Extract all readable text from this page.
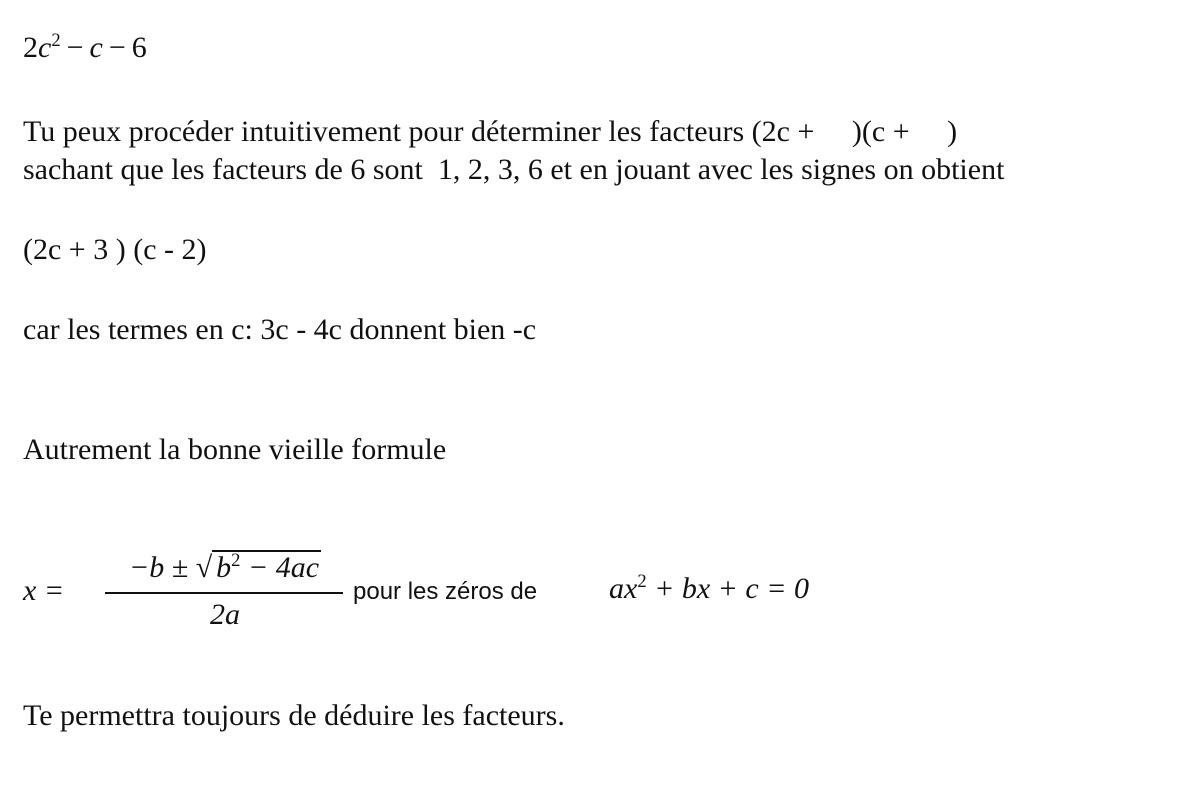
$2c^2 - c - 6$
Tu peux procéder intuitivement pour déterminer les facteurs (2c +     )(c +     )
sachant que les facteurs de 6 sont  1, 2, 3, 6 et en jouant avec les signes on obtient
(2c + 3 ) (c - 2)
car les termes en c: 3c - 4c donnent bien -c
Autrement la bonne vieille formule
x =
−b ± √ $b^2 - 4ac$
2a
pour les zéros de $ax^2$ + bx + c = 0
Te permettra toujours de déduire les facteurs.
